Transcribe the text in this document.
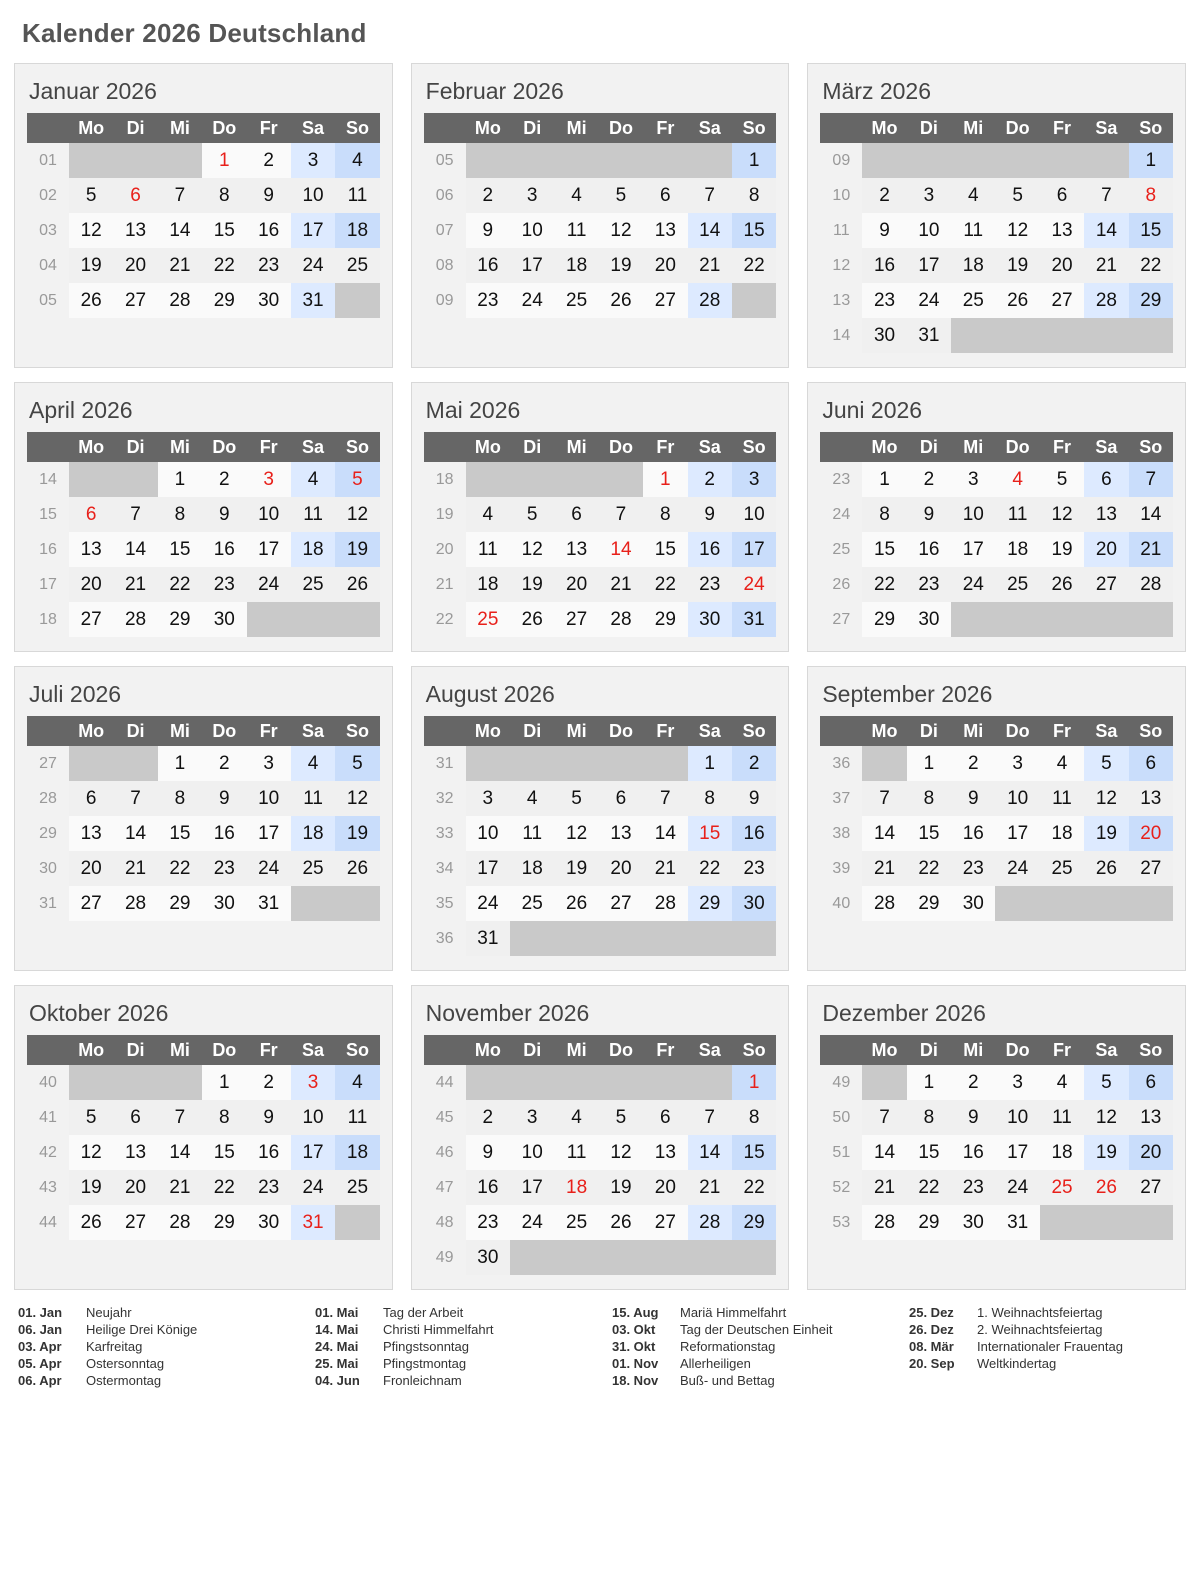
Kalender 2026 Deutschland
Januar 2026
	Mo	Di	Mi	Do	Fr	Sa	So
01				1	2	3	4
02	5	6	7	8	9	10	11
03	12	13	14	15	16	17	18
04	19	20	21	22	23	24	25
05	26	27	28	29	30	31	
Februar 2026
	Mo	Di	Mi	Do	Fr	Sa	So
05							1
06	2	3	4	5	6	7	8
07	9	10	11	12	13	14	15
08	16	17	18	19	20	21	22
09	23	24	25	26	27	28	
März 2026
	Mo	Di	Mi	Do	Fr	Sa	So
09							1
10	2	3	4	5	6	7	8
11	9	10	11	12	13	14	15
12	16	17	18	19	20	21	22
13	23	24	25	26	27	28	29
14	30	31					
April 2026
	Mo	Di	Mi	Do	Fr	Sa	So
14			1	2	3	4	5
15	6	7	8	9	10	11	12
16	13	14	15	16	17	18	19
17	20	21	22	23	24	25	26
18	27	28	29	30			
Mai 2026
	Mo	Di	Mi	Do	Fr	Sa	So
18					1	2	3
19	4	5	6	7	8	9	10
20	11	12	13	14	15	16	17
21	18	19	20	21	22	23	24
22	25	26	27	28	29	30	31
Juni 2026
	Mo	Di	Mi	Do	Fr	Sa	So
23	1	2	3	4	5	6	7
24	8	9	10	11	12	13	14
25	15	16	17	18	19	20	21
26	22	23	24	25	26	27	28
27	29	30					
Juli 2026
	Mo	Di	Mi	Do	Fr	Sa	So
27			1	2	3	4	5
28	6	7	8	9	10	11	12
29	13	14	15	16	17	18	19
30	20	21	22	23	24	25	26
31	27	28	29	30	31		
August 2026
	Mo	Di	Mi	Do	Fr	Sa	So
31						1	2
32	3	4	5	6	7	8	9
33	10	11	12	13	14	15	16
34	17	18	19	20	21	22	23
35	24	25	26	27	28	29	30
36	31						
September 2026
	Mo	Di	Mi	Do	Fr	Sa	So
36		1	2	3	4	5	6
37	7	8	9	10	11	12	13
38	14	15	16	17	18	19	20
39	21	22	23	24	25	26	27
40	28	29	30				
Oktober 2026
	Mo	Di	Mi	Do	Fr	Sa	So
40				1	2	3	4
41	5	6	7	8	9	10	11
42	12	13	14	15	16	17	18
43	19	20	21	22	23	24	25
44	26	27	28	29	30	31	
November 2026
	Mo	Di	Mi	Do	Fr	Sa	So
44							1
45	2	3	4	5	6	7	8
46	9	10	11	12	13	14	15
47	16	17	18	19	20	21	22
48	23	24	25	26	27	28	29
49	30						
Dezember 2026
	Mo	Di	Mi	Do	Fr	Sa	So
49		1	2	3	4	5	6
50	7	8	9	10	11	12	13
51	14	15	16	17	18	19	20
52	21	22	23	24	25	26	27
53	28	29	30	31			
01. Jan	Neujahr
06. Jan	Heilige Drei Könige
03. Apr	Karfreitag
05. Apr	Ostersonntag
06. Apr	Ostermontag
01. Mai	Tag der Arbeit
14. Mai	Christi Himmelfahrt
24. Mai	Pfingstsonntag
25. Mai	Pfingstmontag
04. Jun	Fronleichnam
15. Aug	Mariä Himmelfahrt
03. Okt	Tag der Deutschen Einheit
31. Okt	Reformationstag
01. Nov	Allerheiligen
18. Nov	Buß- und Bettag
25. Dez	1. Weihnachtsfeiertag
26. Dez	2. Weihnachtsfeiertag
08. Mär	Internationaler Frauentag
20. Sep	Weltkindertag
